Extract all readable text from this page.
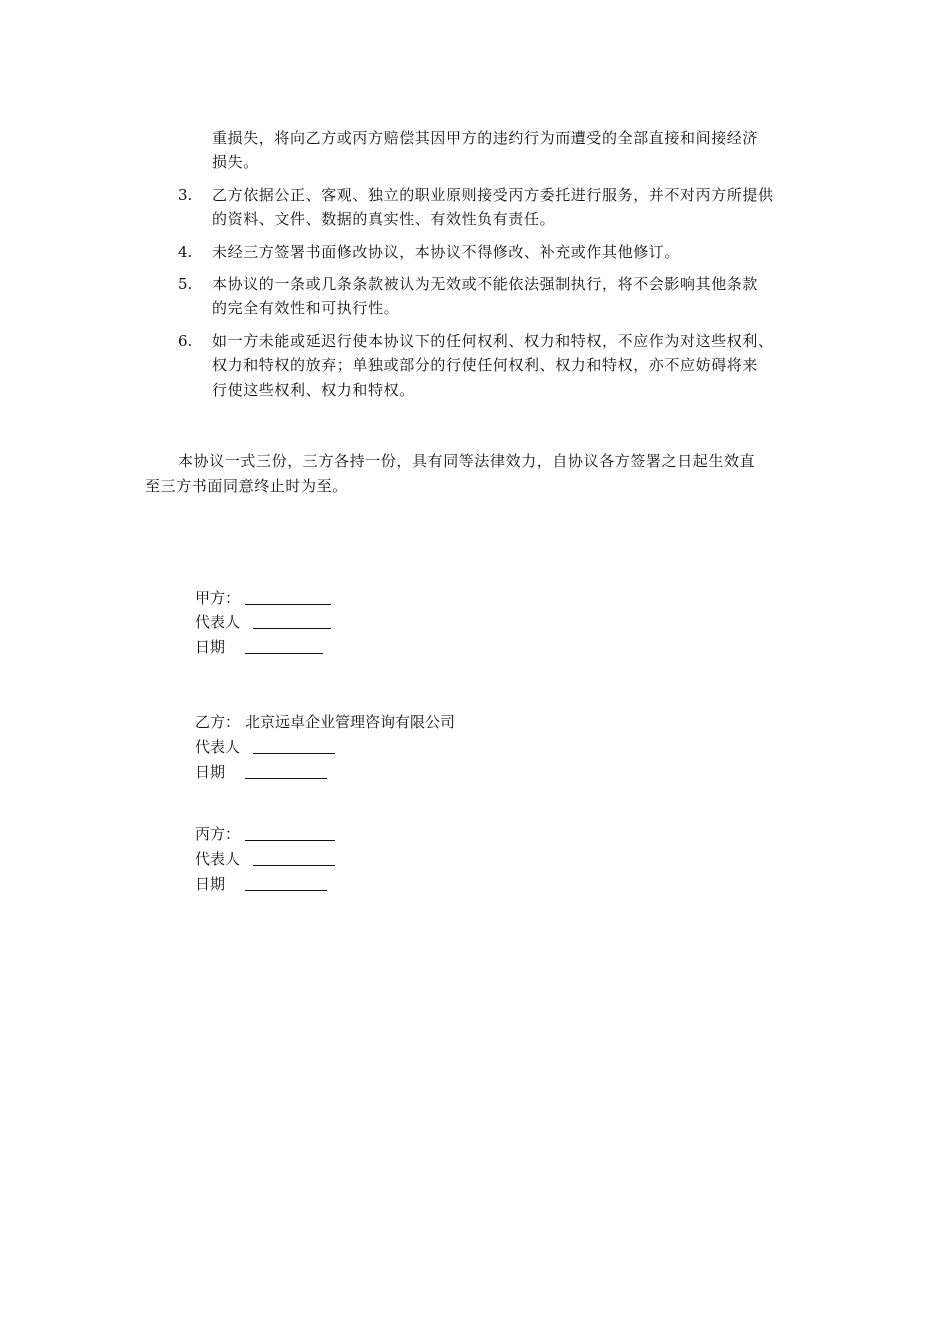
重损失，将向乙方或丙方赔偿其因甲方的违约行为而遭受的全部直接和间接经济
损失。
3.	乙方依据公正、客观、独立的职业原则接受丙方委托进行服务，并不对丙方所提供
的资料、文件、数据的真实性、有效性负有责任。
4.	未经三方签署书面修改协议，本协议不得修改、补充或作其他修订。
5.	本协议的一条或几条条款被认为无效或不能依法强制执行，将不会影响其他条款
的完全有效性和可执行性。
6.	如一方未能或延迟行使本协议下的任何权利、权力和特权，不应作为对这些权利、
权力和特权的放弃；单独或部分的行使任何权利、权力和特权，亦不应妨碍将来
行使这些权利、权力和特权。
本协议一式三份，三方各持一份，具有同等法律效力，自协议各方签署之日起生效直
至三方书面同意终止时为至。
甲方：
代表人
日期
乙方： 北京远卓企业管理咨询有限公司
代表人
日期
丙方：
代表人
日期
